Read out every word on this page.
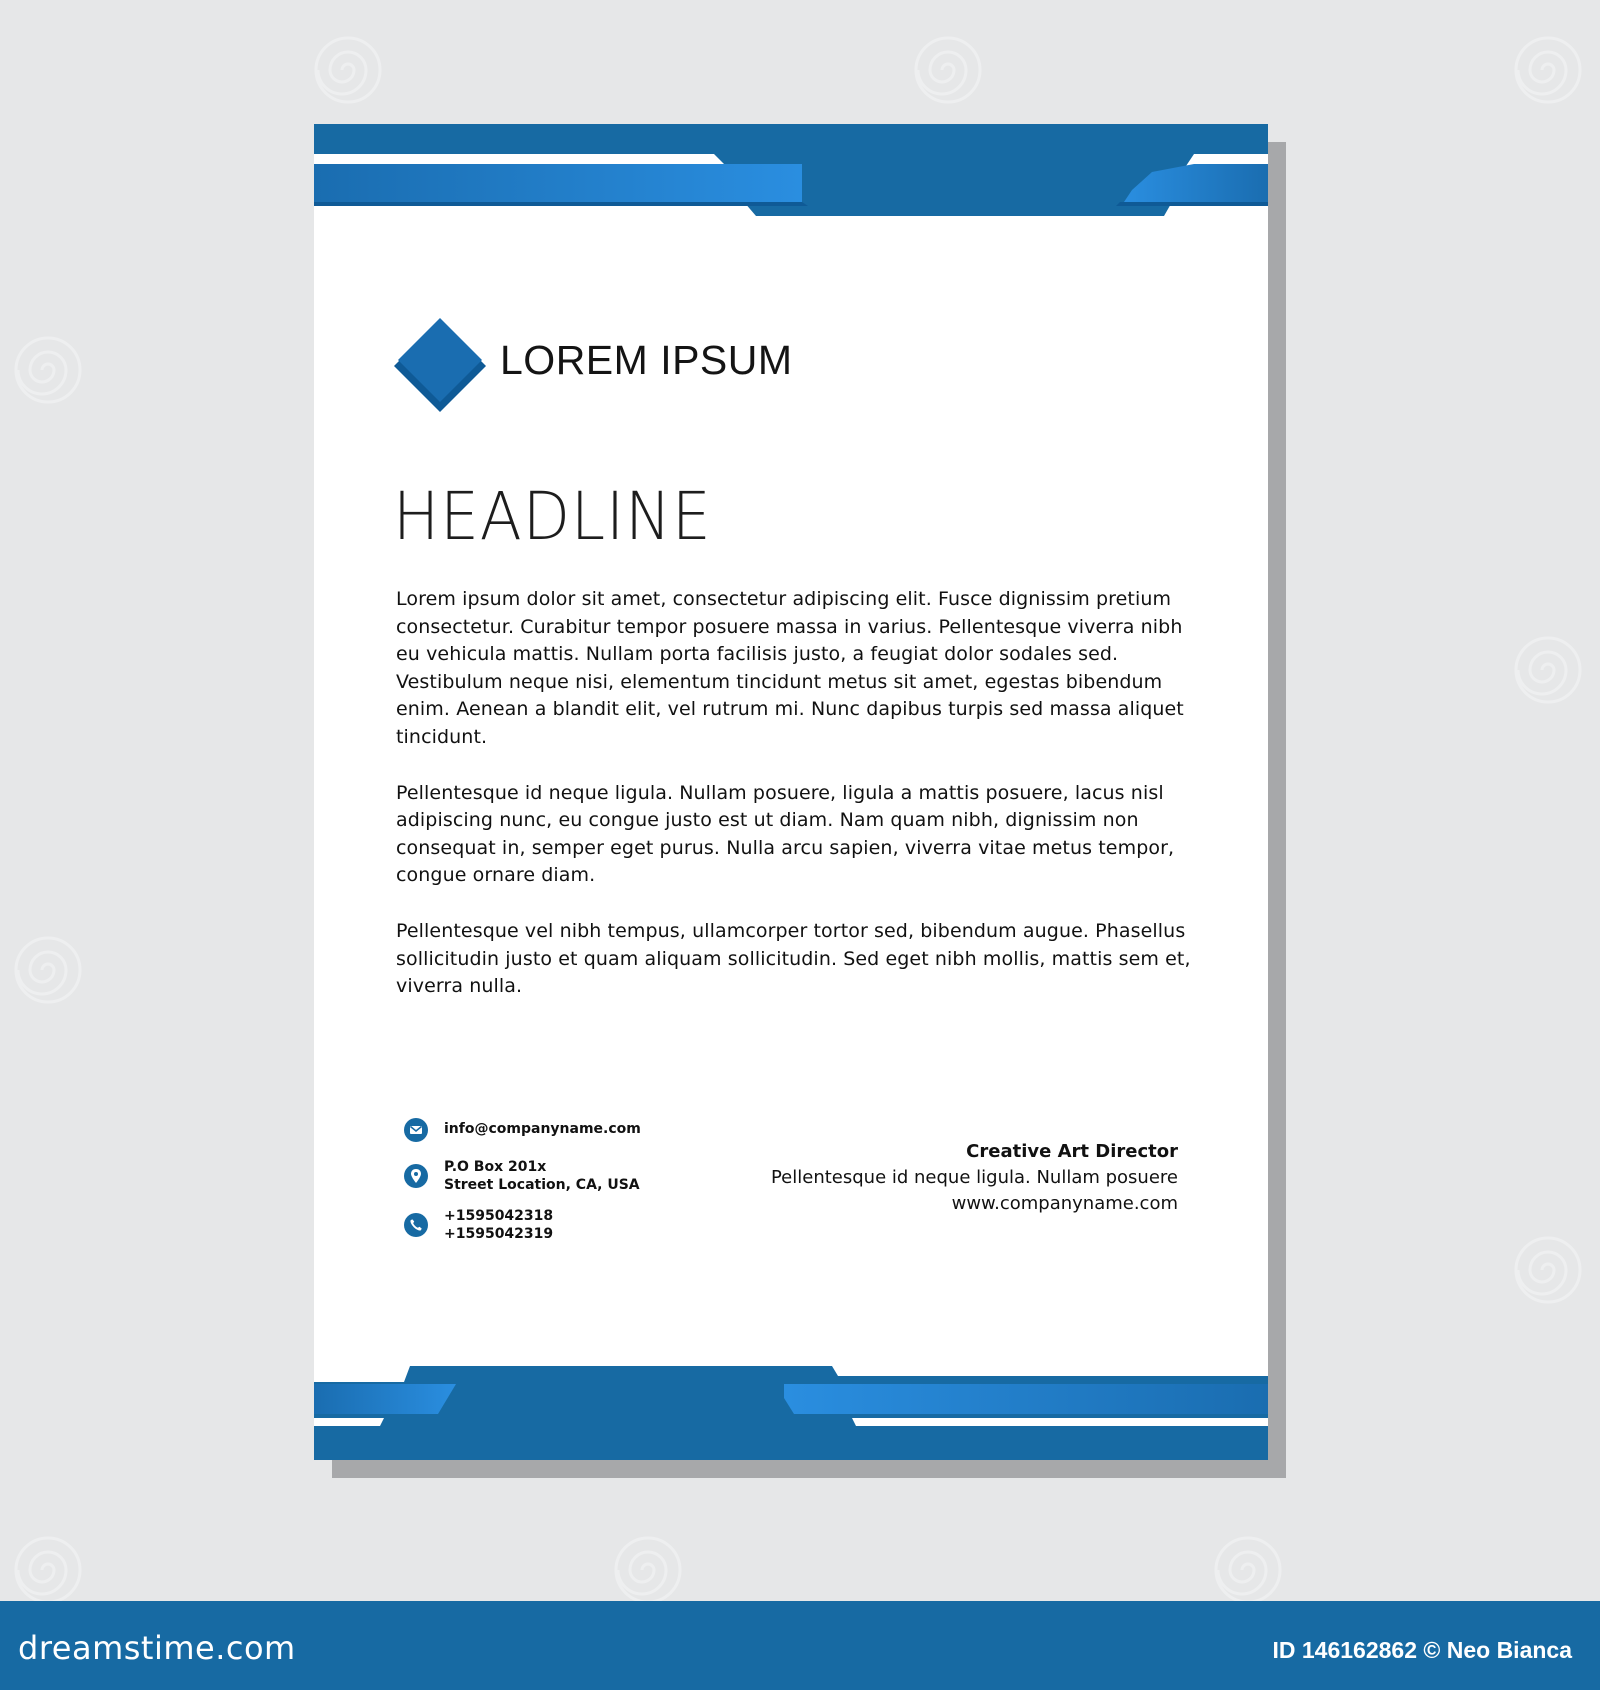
LOREM IPSUM
HEADLINE

Lorem ipsum dolor sit amet, consectetur adipiscing elit. Fusce dignissim pretium consectetur. Curabitur tempor posuere massa in varius. Pellentesque viverra nibh eu vehicula mattis. Nullam porta facilisis justo, a feugiat dolor sodales sed. Vestibulum neque nisi, elementum tincidunt metus sit amet, egestas bibendum enim. Aenean a blandit elit, vel rutrum mi. Nunc dapibus turpis sed massa aliquet tincidunt.

Pellentesque id neque ligula. Nullam posuere, ligula a mattis posuere, lacus nisl adipiscing nunc, eu congue justo est ut diam. Nam quam nibh, dignissim non consequat in, semper eget purus. Nulla arcu sapien, viverra vitae metus tempor, congue ornare diam.

Pellentesque vel nibh tempus, ullamcorper tortor sed, bibendum augue. Phasellus sollicitudin justo et quam aliquam sollicitudin. Sed eget nibh mollis, mattis sem et, viverra nulla.

info@companyname.com
P.O Box 201x
Street Location, CA, USA
+1595042318
+1595042319
Creative Art Director
Pellentesque id neque ligula. Nullam posuere
www.companyname.com
dreamstime.com	ID 146162862 © Neo Bianca
